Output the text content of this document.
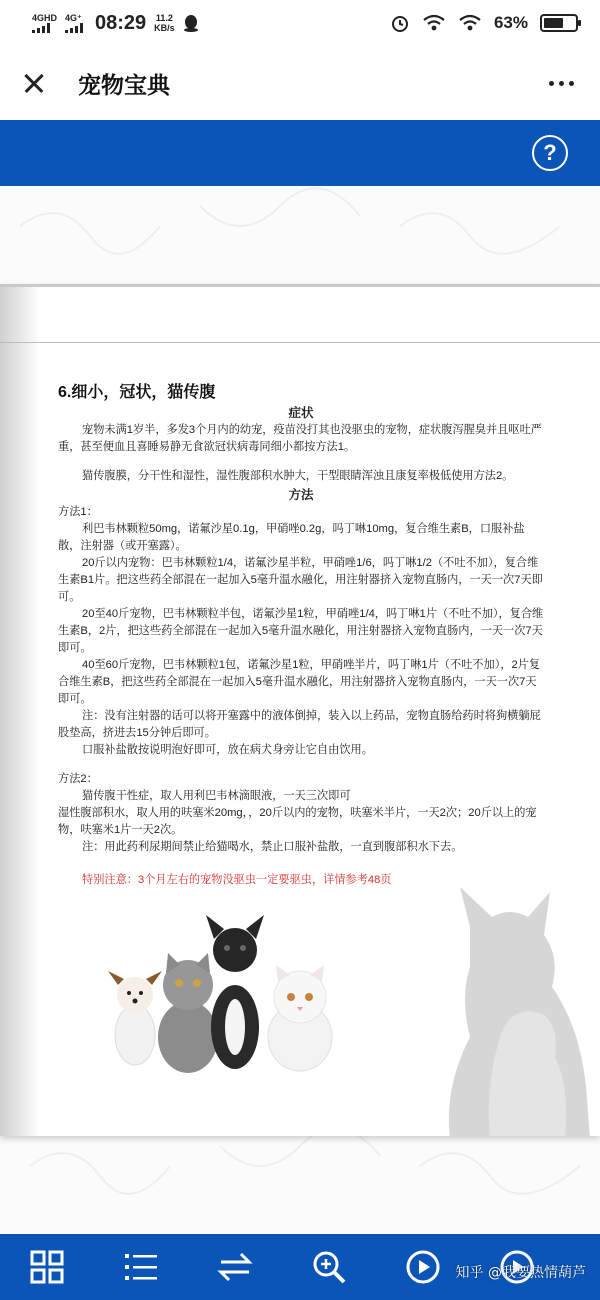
4GHD 4G⁺ 08:29 11.2
KB/s	63%
宠物宝典
?
6.细小，冠状，猫传腹
症状

宠物未满1岁半，多发3个月内的幼宠，疫苗没打其也没驱虫的宠物，症状腹泻腥臭并且呕吐严重，甚至便血且喜睡易静无食欲冠状病毒同细小都按方法1。

猫传腹膜，分干性和湿性，湿性腹部积水肿大，干型眼睛浑浊且康复率极低使用方法2。

方法

方法1：

利巴韦林颗粒50mg，诺氟沙星0.1g，甲硝唑0.2g，吗丁啉10mg，复合维生素B，口服补盐散，注射器（或开塞露）。

20斤以内宠物：巴韦林颗粒1/4，诺氟沙星半粒，甲硝唑1/6，吗丁啉1/2（不吐不加），复合维生素B1片。把这些药全部混在一起加入5毫升温水融化，用注射器挤入宠物直肠内，一天一次7天即可。

20至40斤宠物，巴韦林颗粒半包，诺氟沙星1粒，甲硝唑1/4，吗丁啉1片（不吐不加），复合维生素B，2片，把这些药全部混在一起加入5毫升温水融化，用注射器挤入宠物直肠内，一天一次7天即可。

40至60斤宠物，巴韦林颗粒1包，诺氟沙星1粒，甲硝唑半片，吗丁啉1片（不吐不加），2片复合维生素B，把这些药全部混在一起加入5毫升温水融化，用注射器挤入宠物直肠内，一天一次7天即可。

注：没有注射器的话可以将开塞露中的液体倒掉，装入以上药品，宠物直肠给药时将狗横躺屁股垫高，挤进去15分钟后即可。

口服补盐散按说明泡好即可，放在病犬身旁让它自由饮用。

方法2：

猫传腹干性症，取人用利巴韦林滴眼液，一天三次即可

湿性腹部积水，取人用的呋塞米20mg，，20斤以内的宠物，呋塞米半片，一天2次；20斤以上的宠物，呋塞米1片一天2次。

注：用此药利尿期间禁止给猫喝水，禁止口服补盐散，一直到腹部积水下去。

特别注意：3个月左右的宠物没驱虫一定要驱虫，详情参考48页

知乎 @我要热情葫芦
